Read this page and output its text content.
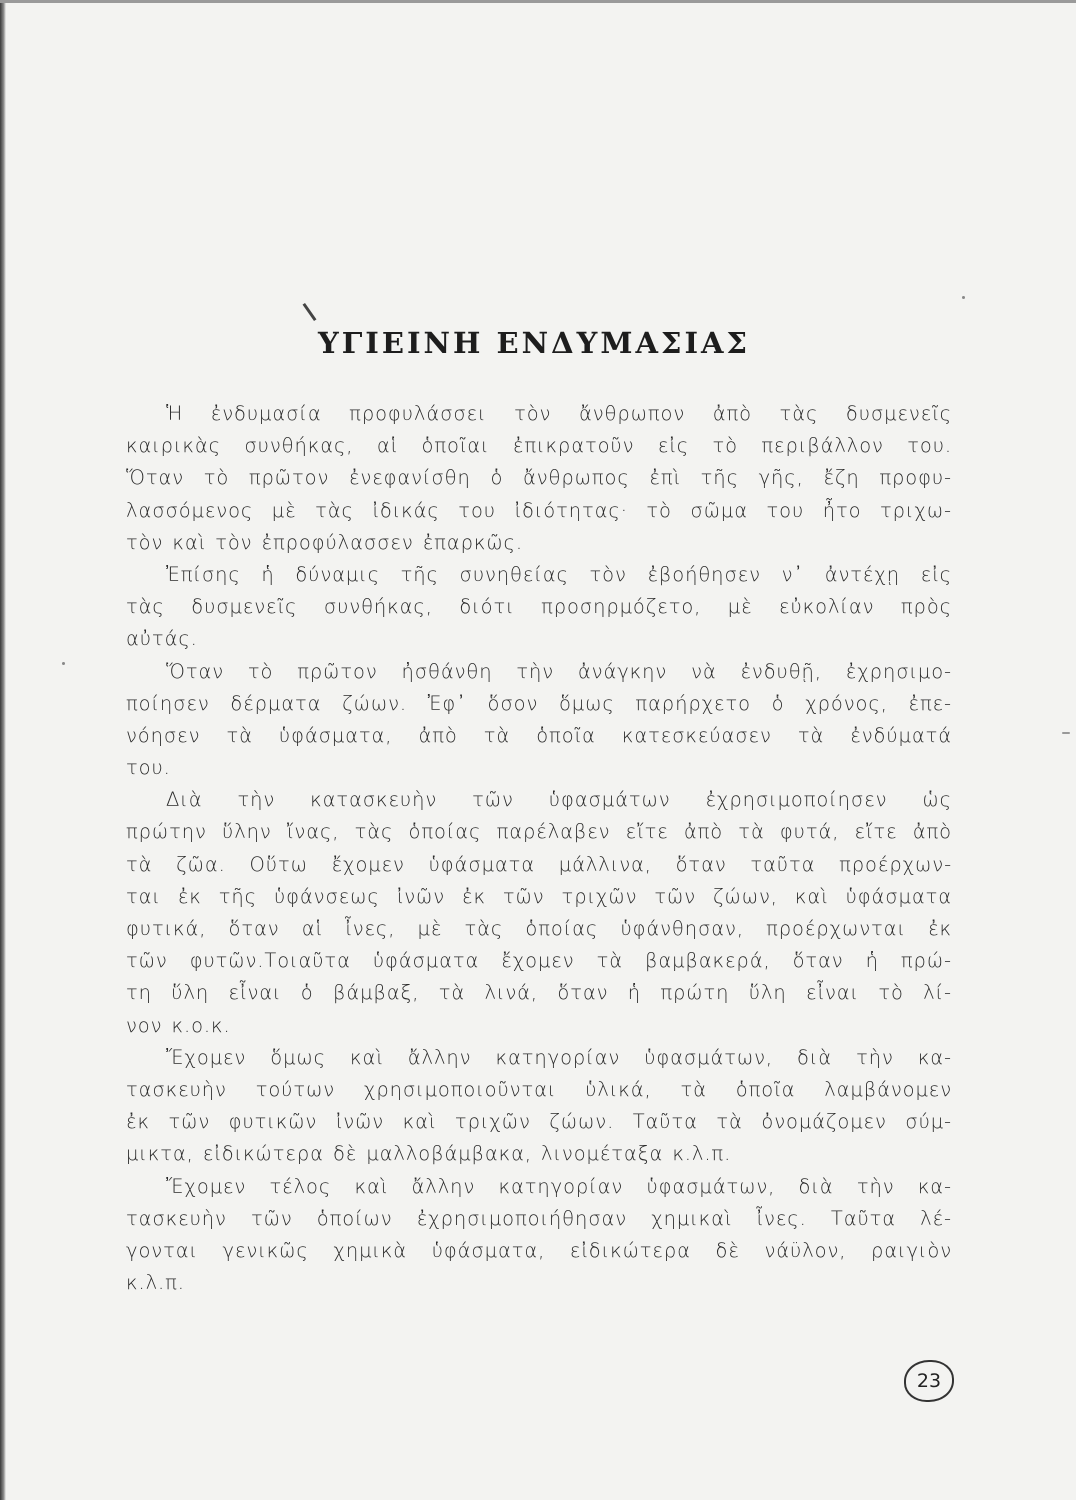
ΥΓΙΕΙΝΗ ΕΝΔΥΜΑΣΙΑΣ
Ἡ ἐνδυμασία προφυλάσσει τὸν ἄνθρωπον ἀπὸ τὰς δυσμενεῖς
καιρικὰς συνθήκας, αἱ ὁποῖαι ἐπικρατοῦν εἰς τὸ περιβάλλον του.
Ὅταν τὸ πρῶτον ἐνεφανίσθη ὁ ἄνθρωπος ἐπὶ τῆς γῆς, ἔζη προφυ-
λασσόμενος μὲ τὰς ἰδικάς του ἰδιότητας· τὸ σῶμα του ἦτο τριχω-
τὸν καὶ τὸν ἐπροφύλασσεν ἐπαρκῶς.
Ἐπίσης ἡ δύναμις τῆς συνηθείας τὸν ἐβοήθησεν ν᾽ ἀντέχῃ εἰς
τὰς δυσμενεῖς συνθήκας, διότι προσηρμόζετο, μὲ εὐκολίαν πρὸς
αὐτάς.
Ὅταν τὸ πρῶτον ἠσθάνθη τὴν ἀνάγκην νὰ ἐνδυθῇ, ἐχρησιμο-
ποίησεν δέρματα ζώων. Ἐφ᾽ ὅσον ὅμως παρήρχετο ὁ χρόνος, ἐπε-
νόησεν τὰ ὑφάσματα, ἀπὸ τὰ ὁποῖα κατεσκεύασεν τὰ ἐνδύματά
του.
Διὰ τὴν κατασκευὴν τῶν ὑφασμάτων ἐχρησιμοποίησεν ὡς
πρώτην ὕλην ἴνας, τὰς ὁποίας παρέλαβεν εἴτε ἀπὸ τὰ φυτά, εἴτε ἀπὸ
τὰ ζῶα. Οὕτω ἔχομεν ὑφάσματα μάλλινα, ὅταν ταῦτα προέρχων-
ται ἐκ τῆς ὑφάνσεως ἰνῶν ἐκ τῶν τριχῶν τῶν ζώων, καὶ ὑφάσματα
φυτικά, ὅταν αἱ ἶνες, μὲ τὰς ὁποίας ὑφάνθησαν, προέρχωνται ἐκ
τῶν φυτῶν.Τοιαῦτα ὑφάσματα ἔχομεν τὰ βαμβακερά, ὅταν ἡ πρώ-
τη ὕλη εἶναι ὁ βάμβαξ, τὰ λινά, ὅταν ἡ πρώτη ὕλη εἶναι τὸ λί-
νον κ.ο.κ.
Ἔχομεν ὅμως καὶ ἄλλην κατηγορίαν ὑφασμάτων, διὰ τὴν κα-
τασκευὴν τούτων χρησιμοποιοῦνται ὑλικά, τὰ ὁποῖα λαμβάνομεν
ἐκ τῶν φυτικῶν ἰνῶν καὶ τριχῶν ζώων. Ταῦτα τὰ ὀνομάζομεν σύμ-
μικτα, εἰδικώτερα δὲ μαλλοβάμβακα, λινομέταξα κ.λ.π.
Ἔχομεν τέλος καὶ ἄλλην κατηγορίαν ὑφασμάτων, διὰ τὴν κα-
τασκευὴν τῶν ὁποίων ἐχρησιμοποιήθησαν χημικαὶ ἶνες. Ταῦτα λέ-
γονται γενικῶς χημικὰ ὑφάσματα, εἰδικώτερα δὲ νάϋλον, ραιγιὸν
κ.λ.π.
23
